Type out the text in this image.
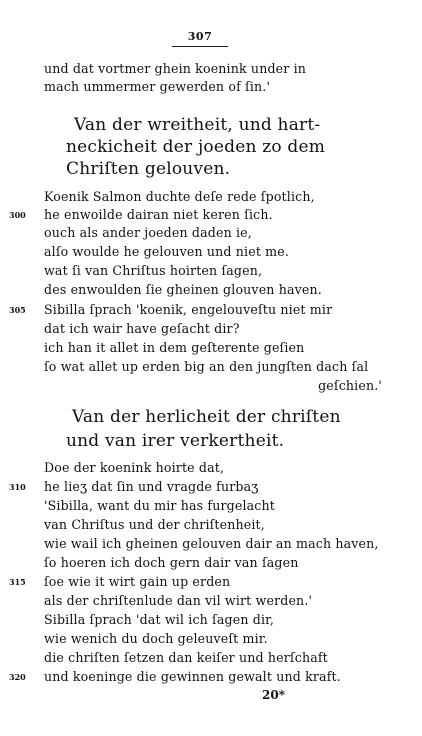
307
und dat vortmer ghein koenink under in
mach ummermer gewerden of ſin.'
Van der wreitheit, und hart-
neckicheit der joeden zo dem
Chriſten gelouven.
Koenik Salmon duchte deſe rede ſpotlich,
300 he enwoilde dairan niet keren ſich.
ouch als ander joeden daden ie,
alſo woulde he gelouven und niet me.
wat ſi van Chriſtus hoirten ſagen,
des enwoulden ſie gheinen glouven haven.
305 Sibilla ſprach 'koenik, engelouveſtu niet mir
dat ich wair have geſacht dir?
ich han it allet in dem geſterente geſien
ſo wat allet up erden big an den jungſten dach ſal
geſchien.'
Van der herlicheit der chriſten
und van irer verkertheit.
Doe der koenink hoirte dat,
310 he lieʒ dat ſin und vragde furbaʒ
'Sibilla, want du mir has furgelacht
van Chriſtus und der chriſtenheit,
wie wail ich gheinen gelouven dair an mach haven,
ſo hoeren ich doch gern dair van ſagen
315 ſoe wie it wirt gain up erden
als der chriſtenlude dan vil wirt werden.'
Sibilla ſprach 'dat wil ich ſagen dir,
wie wenich du doch geleuveſt mir.
die chriſten ſetzen dan keiſer und herſchaft
320 und koeninge die gewinnen gewalt und kraft.
20*
